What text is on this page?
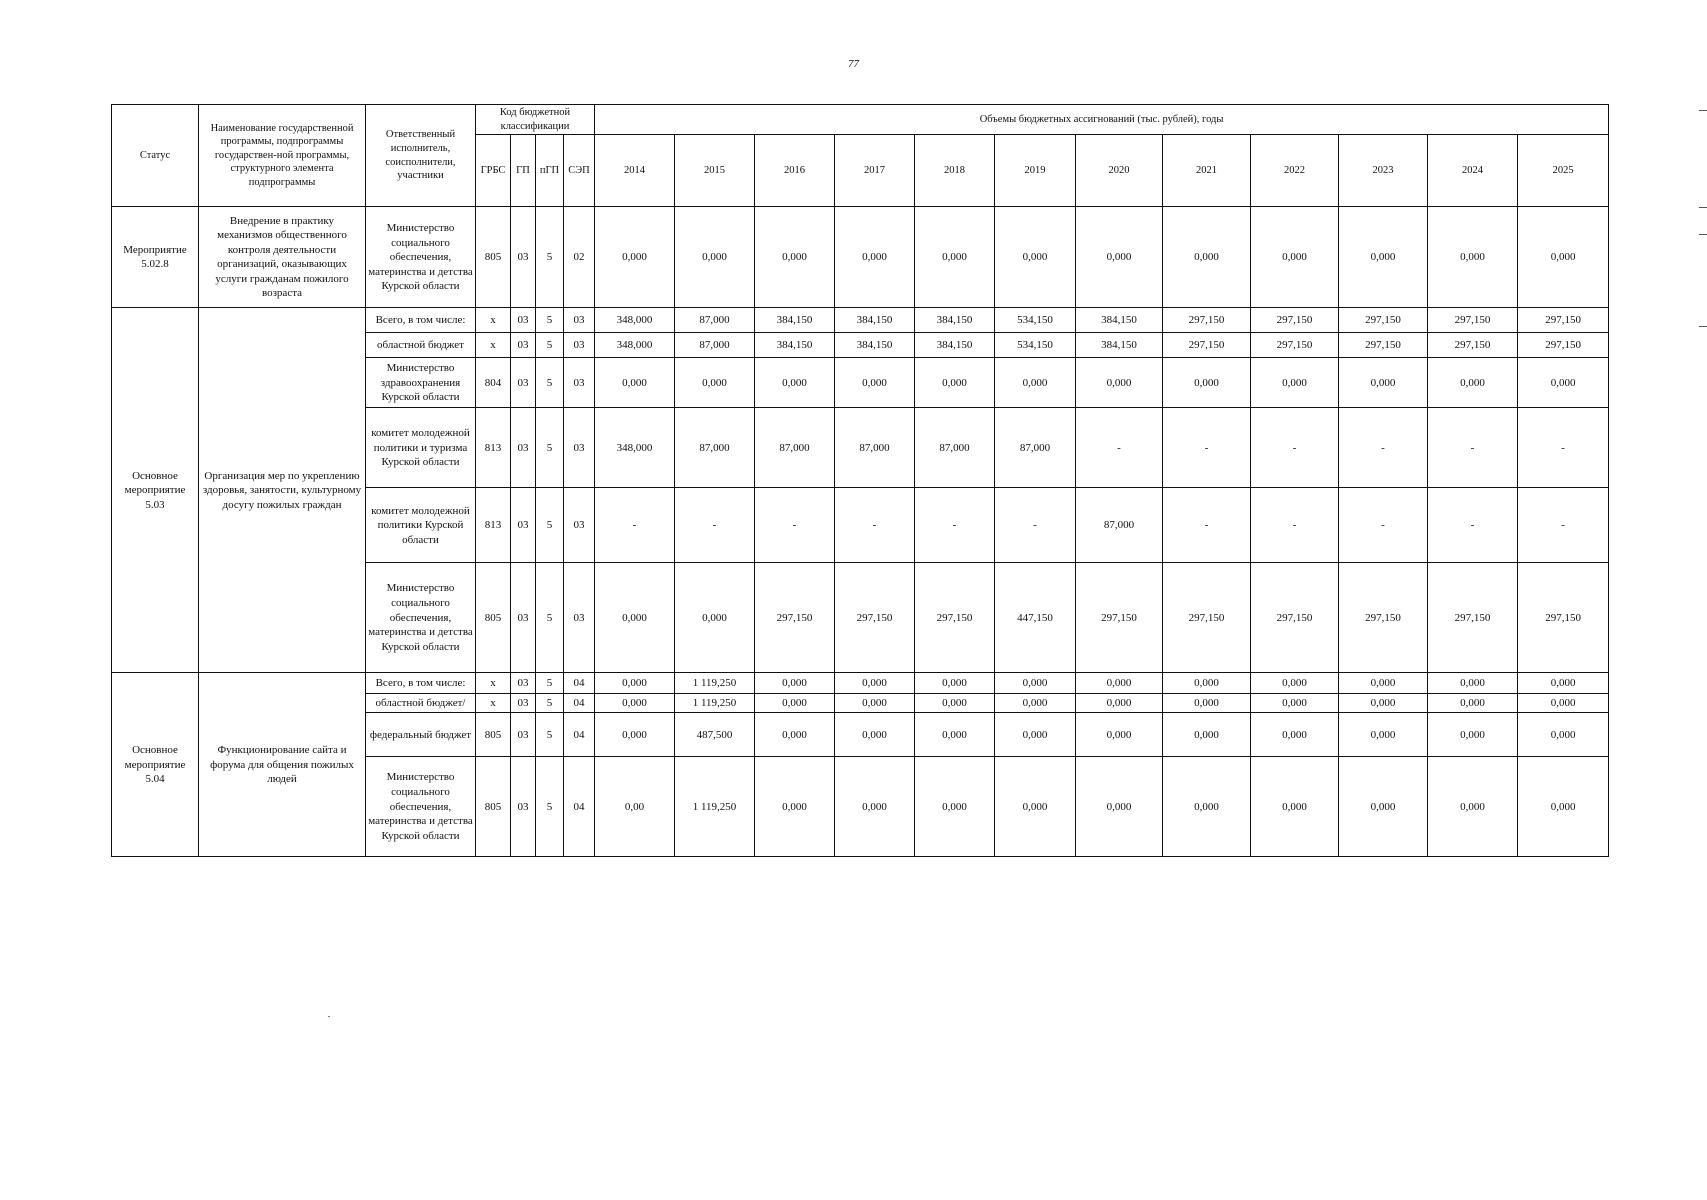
77
Статус	Наименование государственной программы, подпрограммы государствен-ной программы, структурного элемента подпрограммы	Ответственный исполнитель, соисполнители, участники	Код бюджетной классификации				Объемы бюджетных ассигнований (тыс. рублей), годы											
			ГРБС	ГП	пГП	СЭП	2014	2015	2016	2017	2018	2019	2020	2021	2022	2023	2024	2025
Мероприятие 5.02.8	Внедрение в практику механизмов общественного контроля деятельности организаций, оказывающих услуги гражданам пожилого возраста	Министерство социального обеспечения, материнства и детства Курской области	805	03	5	02	0,000	0,000	0,000	0,000	0,000	0,000	0,000	0,000	0,000	0,000	0,000	0,000
Основное мероприятие 5.03	Организация мер по укреплению здоровья, занятости, культурному досугу пожилых граждан	Всего, в том числе:	x	03	5	03	348,000	87,000	384,150	384,150	384,150	534,150	384,150	297,150	297,150	297,150	297,150	297,150
		областной бюджет	x	03	5	03	348,000	87,000	384,150	384,150	384,150	534,150	384,150	297,150	297,150	297,150	297,150	297,150
		Министерство здравоохранения Курской области	804	03	5	03	0,000	0,000	0,000	0,000	0,000	0,000	0,000	0,000	0,000	0,000	0,000	0,000
		комитет молодежной политики и туризма Курской области	813	03	5	03	348,000	87,000	87,000	87,000	87,000	87,000	-	-	-	-	-	-
		комитет молодежной политики Курской области	813	03	5	03	-	-	-	-	-	-	87,000	-	-	-	-	-
		Министерство социального обеспечения, материнства и детства Курской области	805	03	5	03	0,000	0,000	297,150	297,150	297,150	447,150	297,150	297,150	297,150	297,150	297,150	297,150
Основное мероприятие 5.04	Функционирование сайта и форума для общения пожилых людей	Всего, в том числе:	x	03	5	04	0,000	1 119,250	0,000	0,000	0,000	0,000	0,000	0,000	0,000	0,000	0,000	0,000
		областной бюджет/	x	03	5	04	0,000	1 119,250	0,000	0,000	0,000	0,000	0,000	0,000	0,000	0,000	0,000	0,000
		федеральный бюджет	805	03	5	04	0,000	487,500	0,000	0,000	0,000	0,000	0,000	0,000	0,000	0,000	0,000	0,000
		Министерство социального обеспечения, материнства и детства Курской области	805	03	5	04	0,00	1 119,250	0,000	0,000	0,000	0,000	0,000	0,000	0,000	0,000	0,000	0,000
